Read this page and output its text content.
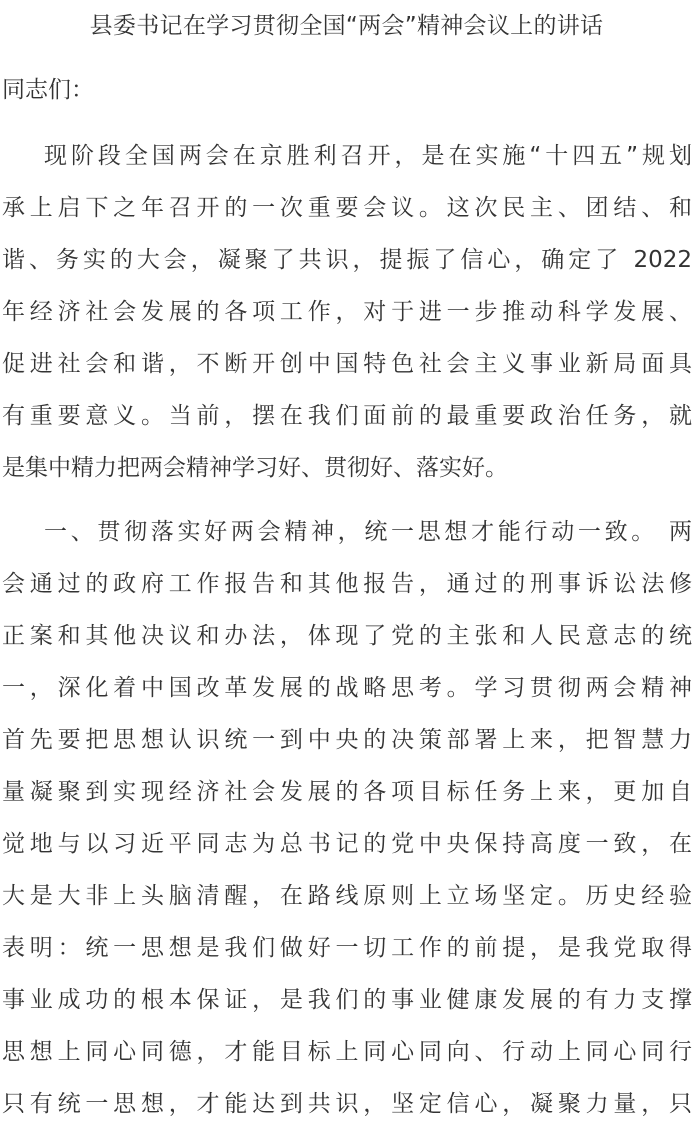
县委书记在学习贯彻全国“两会”精神会议上的讲话
同志们：
现阶段全国两会在京胜利召开，是在实施“十四五”规划
承上启下之年召开的一次重要会议。这次民主、团结、和
谐、务实的大会，凝聚了共识，提振了信心，确定了 2022
年经济社会发展的各项工作，对于进一步推动科学发展、
促进社会和谐，不断开创中国特色社会主义事业新局面具
有重要意义。当前，摆在我们面前的最重要政治任务，就
是集中精力把两会精神学习好、贯彻好、落实好。
一、贯彻落实好两会精神，统一思想才能行动一致。 两
会通过的政府工作报告和其他报告，通过的刑事诉讼法修
正案和其他决议和办法，体现了党的主张和人民意志的统
一，深化着中国改革发展的战略思考。学习贯彻两会精神
首先要把思想认识统一到中央的决策部署上来，把智慧力
量凝聚到实现经济社会发展的各项目标任务上来，更加自
觉地与以习近平同志为总书记的党中央保持高度一致，在
大是大非上头脑清醒，在路线原则上立场坚定。历史经验
表明：统一思想是我们做好一切工作的前提，是我党取得
事业成功的根本保证，是我们的事业健康发展的有力支撑
思想上同心同德，才能目标上同心同向、行动上同心同行
只有统一思想，才能达到共识，坚定信心，凝聚力量，只
